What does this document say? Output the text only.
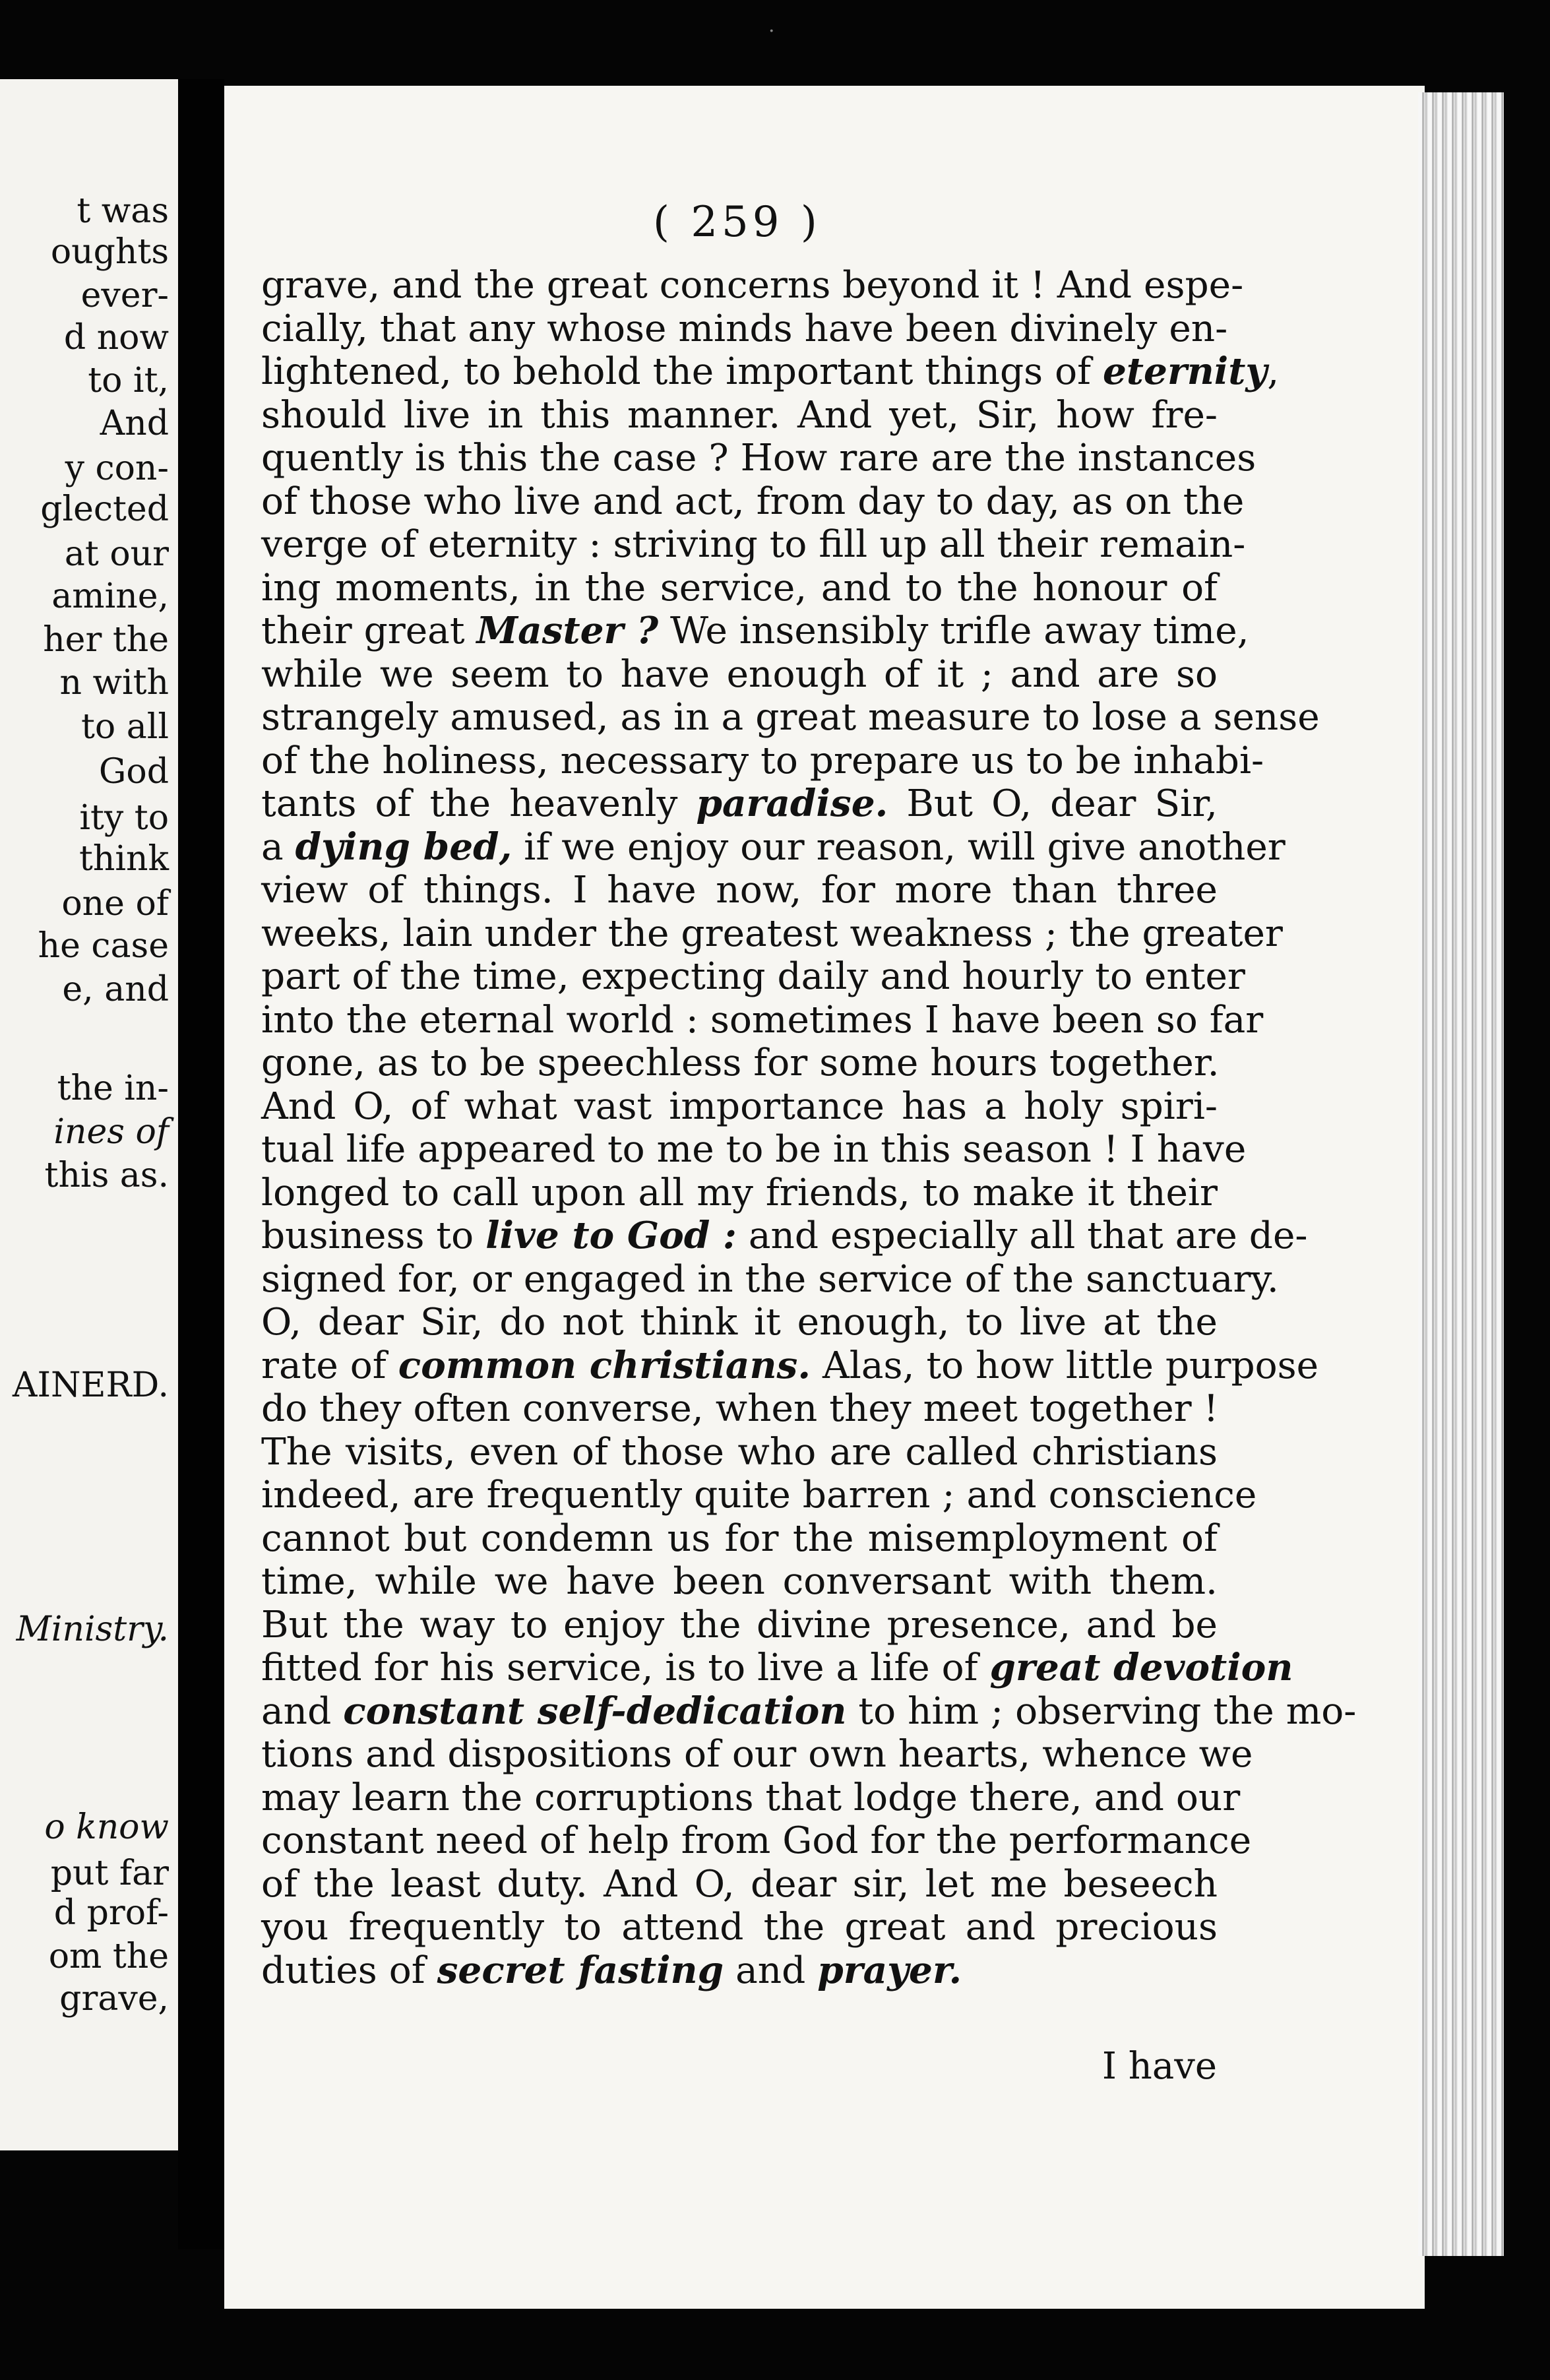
·
t was
oughts
ever-
d now
to it,
And
y con-
glected
at our
amine,
her the
n with
to all
God
ity to
think
one of
he case
e, and
the in-
ines of
this as.
AINERD.
Ministry.
o know
put far
d prof-
om the
grave,
( 259 )
grave, and the great concerns beyond it ! And espe-
cially, that any whose minds have been divinely en-
lightened, to behold the important things of eternity
should live in this manner. And yet, Sir, how fre-
quently is this the case ? How rare are the instances
of those who live and act, from day to day, as on the
verge of eternity : striving to fill up all their remain-
ing moments, in the service, and to the honour of
their great Master ? We insensibly trifle away time,
while we seem to have enough of it ; and are so
strangely amused, as in a great measure to lose a sense
of the holiness, necessary to prepare us to be inhabi-
tants of the heavenly paradise. But O, dear Sir,
a dying bed, if we enjoy our reason, will give another
view of things. I have now, for more than three
weeks, lain under the greatest weakness ; the greater
part of the time, expecting daily and hourly to enter
into the eternal world : sometimes I have been so far
gone, as to be speechless for some hours together.
And O, of what vast importance has a holy spiri-
tual life appeared to me to be in this season ! I have
longed to call upon all my friends, to make it their
business to live to God : and especially all that are de-
signed for, or engaged in the service of the sanctuary.
O, dear Sir, do not think it enough, to live at the
rate of common christians. Alas, to how little purpose
do they often converse, when they meet together !
The visits, even of those who are called christians
indeed, are frequently quite barren ; and conscience
cannot but condemn us for the misemployment of
time, while we have been conversant with them.
But the way to enjoy the divine presence, and be
fitted for his service, is to live a life of great devotion
and constant self-dedication to him ; observing the mo-
tions and dispositions of our own hearts, whence we
may learn the corruptions that lodge there, and our
constant need of help from God for the performance
of the least duty. And O, dear sir, let me beseech
you frequently to attend the great and precious
duties of secret fasting and prayer.
I have
